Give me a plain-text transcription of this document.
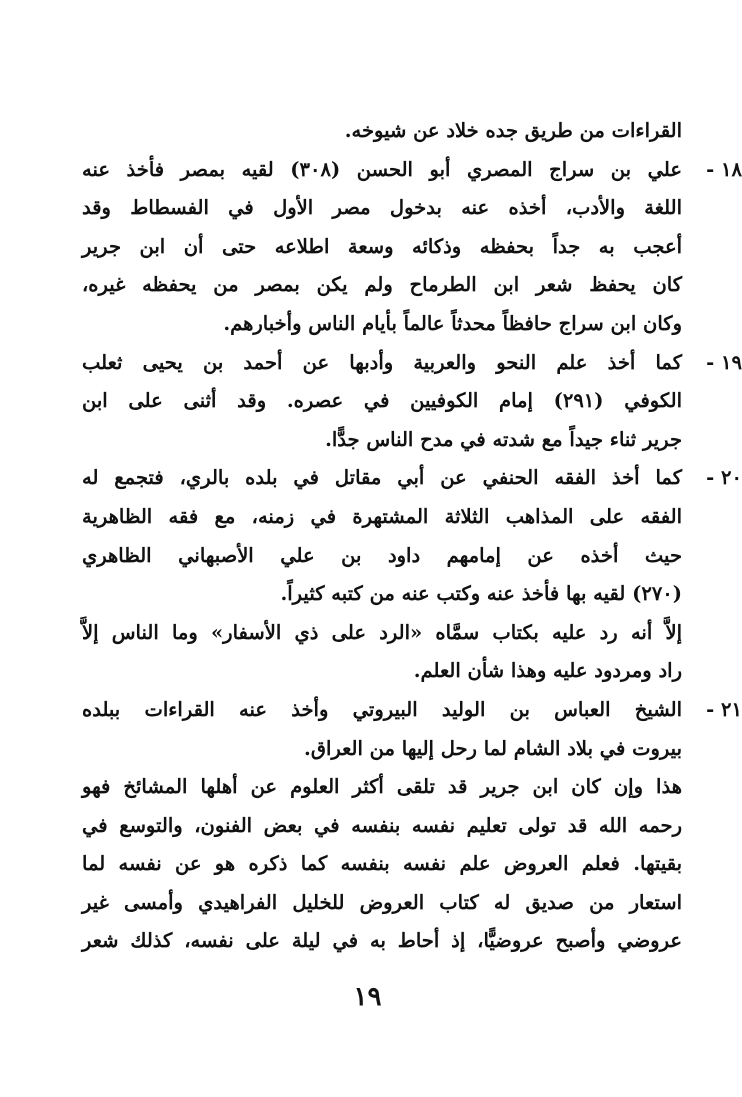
القراءات من طريق جده خلاد عن شيوخه.
١٨ -
علي بن سراج المصري أبو الحسن (٣٠٨) لقيه بمصر فأخذ عنه
اللغة والأدب، أخذه عنه بدخول مصر الأول في الفسطاط وقد
أعجب به جداً بحفظه وذكائه وسعة اطلاعه حتى أن ابن جرير
كان يحفظ شعر ابن الطرماح ولم يكن بمصر من يحفظه غيره،
وكان ابن سراج حافظاً محدثاً عالماً بأيام الناس وأخبارهم.
١٩ -
كما أخذ علم النحو والعربية وأدبها عن أحمد بن يحيى ثعلب
الكوفي (٢٩١) إمام الكوفيين في عصره. وقد أثنى على ابن
جرير ثناء جيداً مع شدته في مدح الناس جدًّا.
٢٠ -
كما أخذ الفقه الحنفي عن أبي مقاتل في بلده بالري، فتجمع له
الفقه على المذاهب الثلاثة المشتهرة في زمنه، مع فقه الظاهرية
حيث أخذه عن إمامهم داود بن علي الأصبهاني الظاهري
(٢٧٠) لقيه بها فأخذ عنه وكتب عنه من كتبه كثيراً.
إلاَّ أنه رد عليه بكتاب سمَّاه «الرد على ذي الأسفار» وما الناس إلاَّ
راد ومردود عليه وهذا شأن العلم.
٢١ -
الشيخ العباس بن الوليد البيروتي وأخذ عنه القراءات ببلده
بيروت في بلاد الشام لما رحل إليها من العراق.
هذا وإن كان ابن جرير قد تلقى أكثر العلوم عن أهلها المشائخ فهو
رحمه الله قد تولى تعليم نفسه بنفسه في بعض الفنون، والتوسع في
بقيتها. فعلم العروض علم نفسه بنفسه كما ذكره هو عن نفسه لما
استعار من صديق له كتاب العروض للخليل الفراهيدي وأمسى غير
عروضي وأصبح عروضيًّا، إذ أحاط به في ليلة على نفسه، كذلك شعر
١٩
